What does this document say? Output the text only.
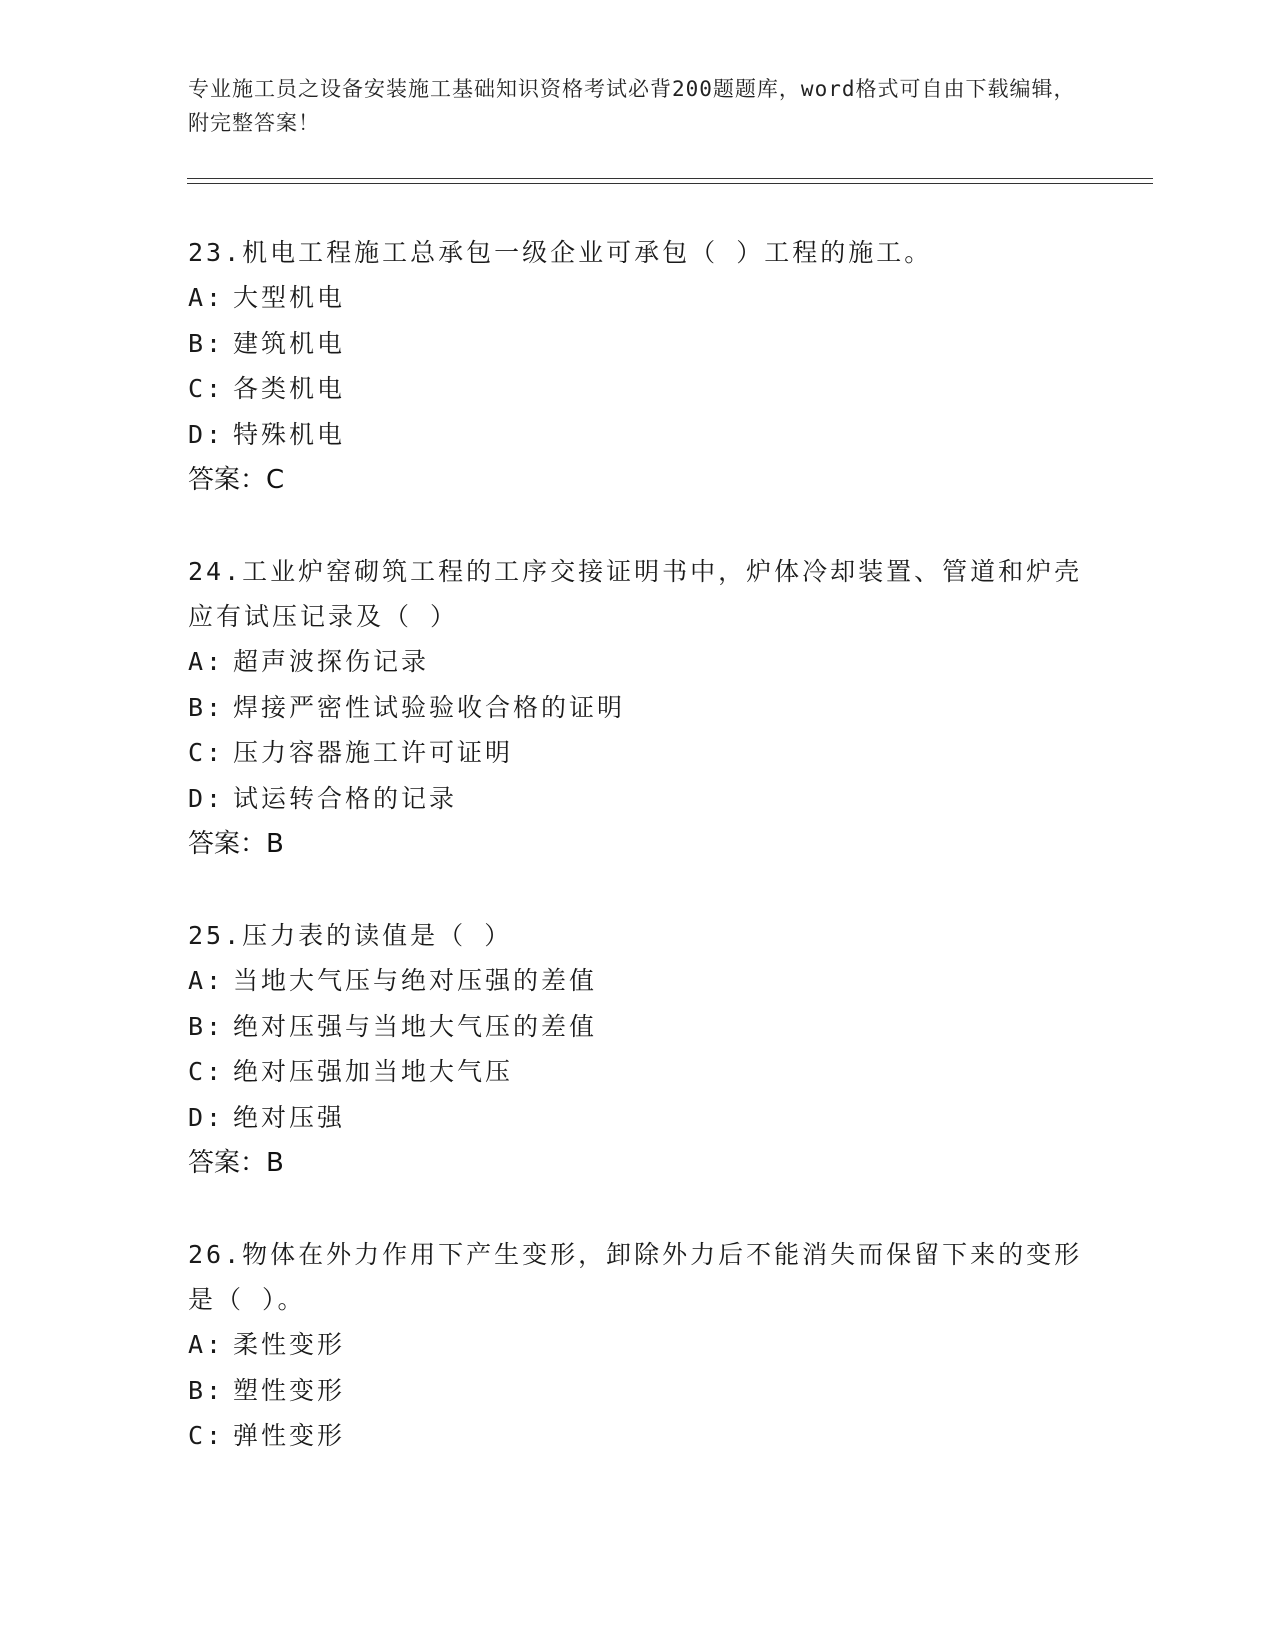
专业施工员之设备安装施工基础知识资格考试必背200题题库，word格式可自由下载编辑，附完整答案！
23.机电工程施工总承包一级企业可承包（ ）工程的施工。
A: 大型机电
B: 建筑机电
C: 各类机电
D: 特殊机电
答案：C
24.工业炉窑砌筑工程的工序交接证明书中，炉体冷却装置、管道和炉壳应有试压记录及（ ）
A: 超声波探伤记录
B: 焊接严密性试验验收合格的证明
C: 压力容器施工许可证明
D: 试运转合格的记录
答案：B
25.压力表的读值是（ ）
A: 当地大气压与绝对压强的差值
B: 绝对压强与当地大气压的差值
C: 绝对压强加当地大气压
D: 绝对压强
答案：B
26.物体在外力作用下产生变形，卸除外力后不能消失而保留下来的变形是（ ）。
A: 柔性变形
B: 塑性变形
C: 弹性变形
